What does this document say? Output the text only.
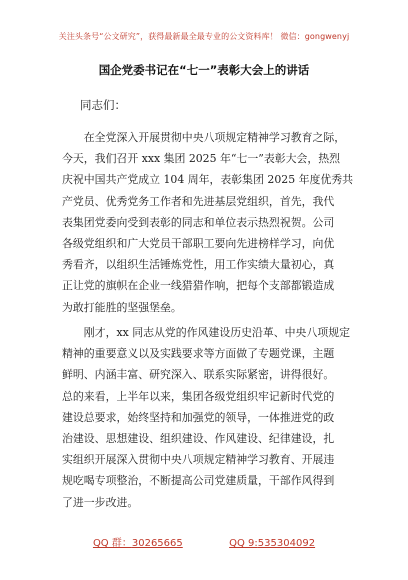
关注头条号“公文研究”，获得最新最全最专业的公文资料库！ 微信：gongwenyj
国企党委书记在“七一”表彰大会上的讲话
同志们：
　　在全党深入开展贯彻中央八项规定精神学习教育之际，
今天，我们召开 xxx 集团 2025 年“七一”表彰大会，热烈
庆祝中国共产党成立 104 周年，表彰集团 2025 年度优秀共
产党员、优秀党务工作者和先进基层党组织，首先，我代
表集团党委向受到表彰的同志和单位表示热烈祝贺。公司
各级党组织和广大党员干部职工要向先进榜样学习，向优
秀看齐，以组织生活锤炼党性，用工作实绩大量初心，真
正让党的旗帜在企业一线猎猎作响，把每个支部都锻造成
为敢打能胜的坚强堡垒。
　　刚才，xx 同志从党的作风建设历史沿革、中央八项规定
精神的重要意义以及实践要求等方面做了专题党课，主题
鲜明、内涵丰富、研究深入、联系实际紧密，讲得很好。
总的来看，上半年以来，集团各级党组织牢记新时代党的
建设总要求，始终坚持和加强党的领导，一体推进党的政
治建设、思想建设、组织建设、作风建设、纪律建设，扎
实组织开展深入贯彻中央八项规定精神学习教育、开展违
规吃喝专项整治，不断提高公司党建质量，干部作风得到
了进一步改进。
QQ 群：30265665	QQ 9:535304092
